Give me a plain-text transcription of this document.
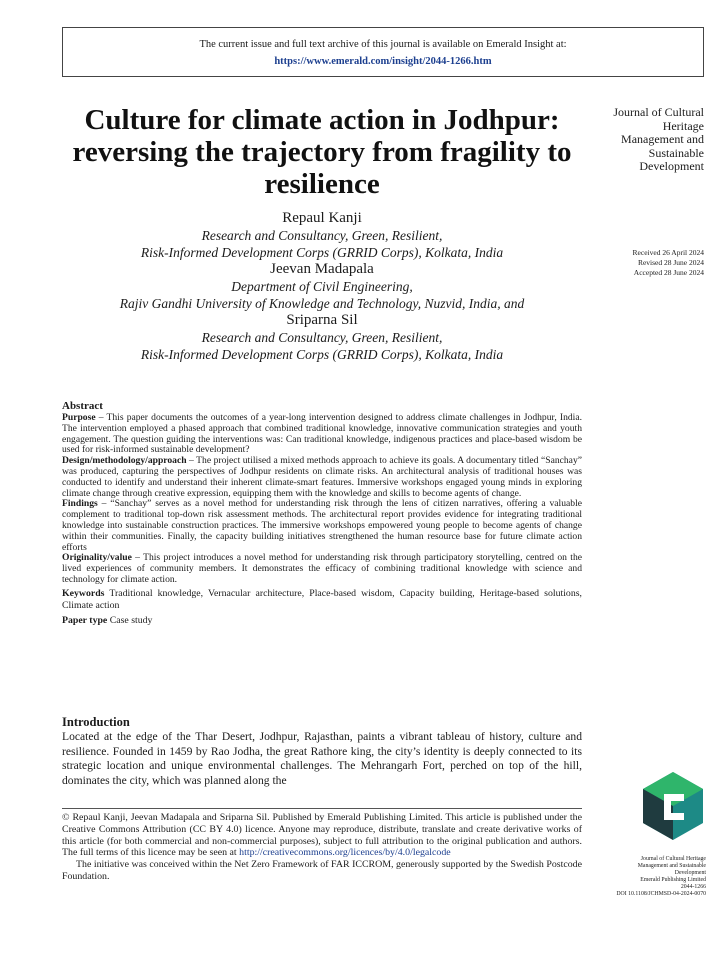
The current issue and full text archive of this journal is available on Emerald Insight at:
https://www.emerald.com/insight/2044-1266.htm
Culture for climate action in Jodhpur: reversing the trajectory from fragility to resilience
Repaul Kanji
Research and Consultancy, Green, Resilient,
Risk-Informed Development Corps (GRRID Corps), Kolkata, India
Jeevan Madapala
Department of Civil Engineering,
Rajiv Gandhi University of Knowledge and Technology, Nuzvid, India, and
Sriparna Sil
Research and Consultancy, Green, Resilient,
Risk-Informed Development Corps (GRRID Corps), Kolkata, India
Journal of Cultural
Heritage
Management and
Sustainable
Development
Received 26 April 2024
Revised 28 June 2024
Accepted 28 June 2024
Abstract

Purpose – This paper documents the outcomes of a year-long intervention designed to address climate challenges in Jodhpur, India. The intervention employed a phased approach that combined traditional knowledge, innovative communication strategies and youth engagement. The question guiding the interventions was: Can traditional knowledge, indigenous practices and place-based wisdom be used for risk-informed sustainable development?

Design/methodology/approach – The project utilised a mixed methods approach to achieve its goals. A documentary titled “Sanchay” was produced, capturing the perspectives of Jodhpur residents on climate risks. An architectural analysis of traditional houses was conducted to identify and understand their inherent climate-smart features. Immersive workshops engaged young minds in exploring climate change through creative expression, equipping them with the knowledge and skills to become agents of change.

Findings – “Sanchay” serves as a novel method for understanding risk through the lens of citizen narratives, offering a valuable complement to traditional top-down risk assessment methods. The architectural report provides evidence for integrating traditional knowledge into sustainable construction practices. The immersive workshops empowered young people to become agents of change within their communities. Finally, the capacity building initiatives strengthened the human resource base for future climate action efforts

Originality/value – This project introduces a novel method for understanding risk through participatory storytelling, centred on the lived experiences of community members. It demonstrates the efficacy of combining traditional knowledge with science and technology for climate action.

Keywords Traditional knowledge, Vernacular architecture, Place-based wisdom, Capacity building, Heritage-based solutions, Climate action

Paper type Case study

Introduction
Located at the edge of the Thar Desert, Jodhpur, Rajasthan, paints a vibrant tableau of history, culture and resilience. Founded in 1459 by Rao Jodha, the great Rathore king, the city’s identity is deeply connected to its strategic location and unique environmental challenges. The Mehrangarh Fort, perched on top of the hill, dominates the city, which was planned along the

© Repaul Kanji, Jeevan Madapala and Sriparna Sil. Published by Emerald Publishing Limited. This article is published under the Creative Commons Attribution (CC BY 4.0) licence. Anyone may reproduce, distribute, translate and create derivative works of this article (for both commercial and non-commercial purposes), subject to full attribution to the original publication and authors. The full terms of this licence may be seen at http://creativecommons.org/licences/by/4.0/legalcode

The initiative was conceived within the Net Zero Framework of FAR ICCROM, generously supported by the Swedish Postcode Foundation.

Journal of Cultural Heritage
Management and Sustainable
Development
Emerald Publishing Limited
2044-1266
DOI 10.1108/JCHMSD-04-2024-0070
